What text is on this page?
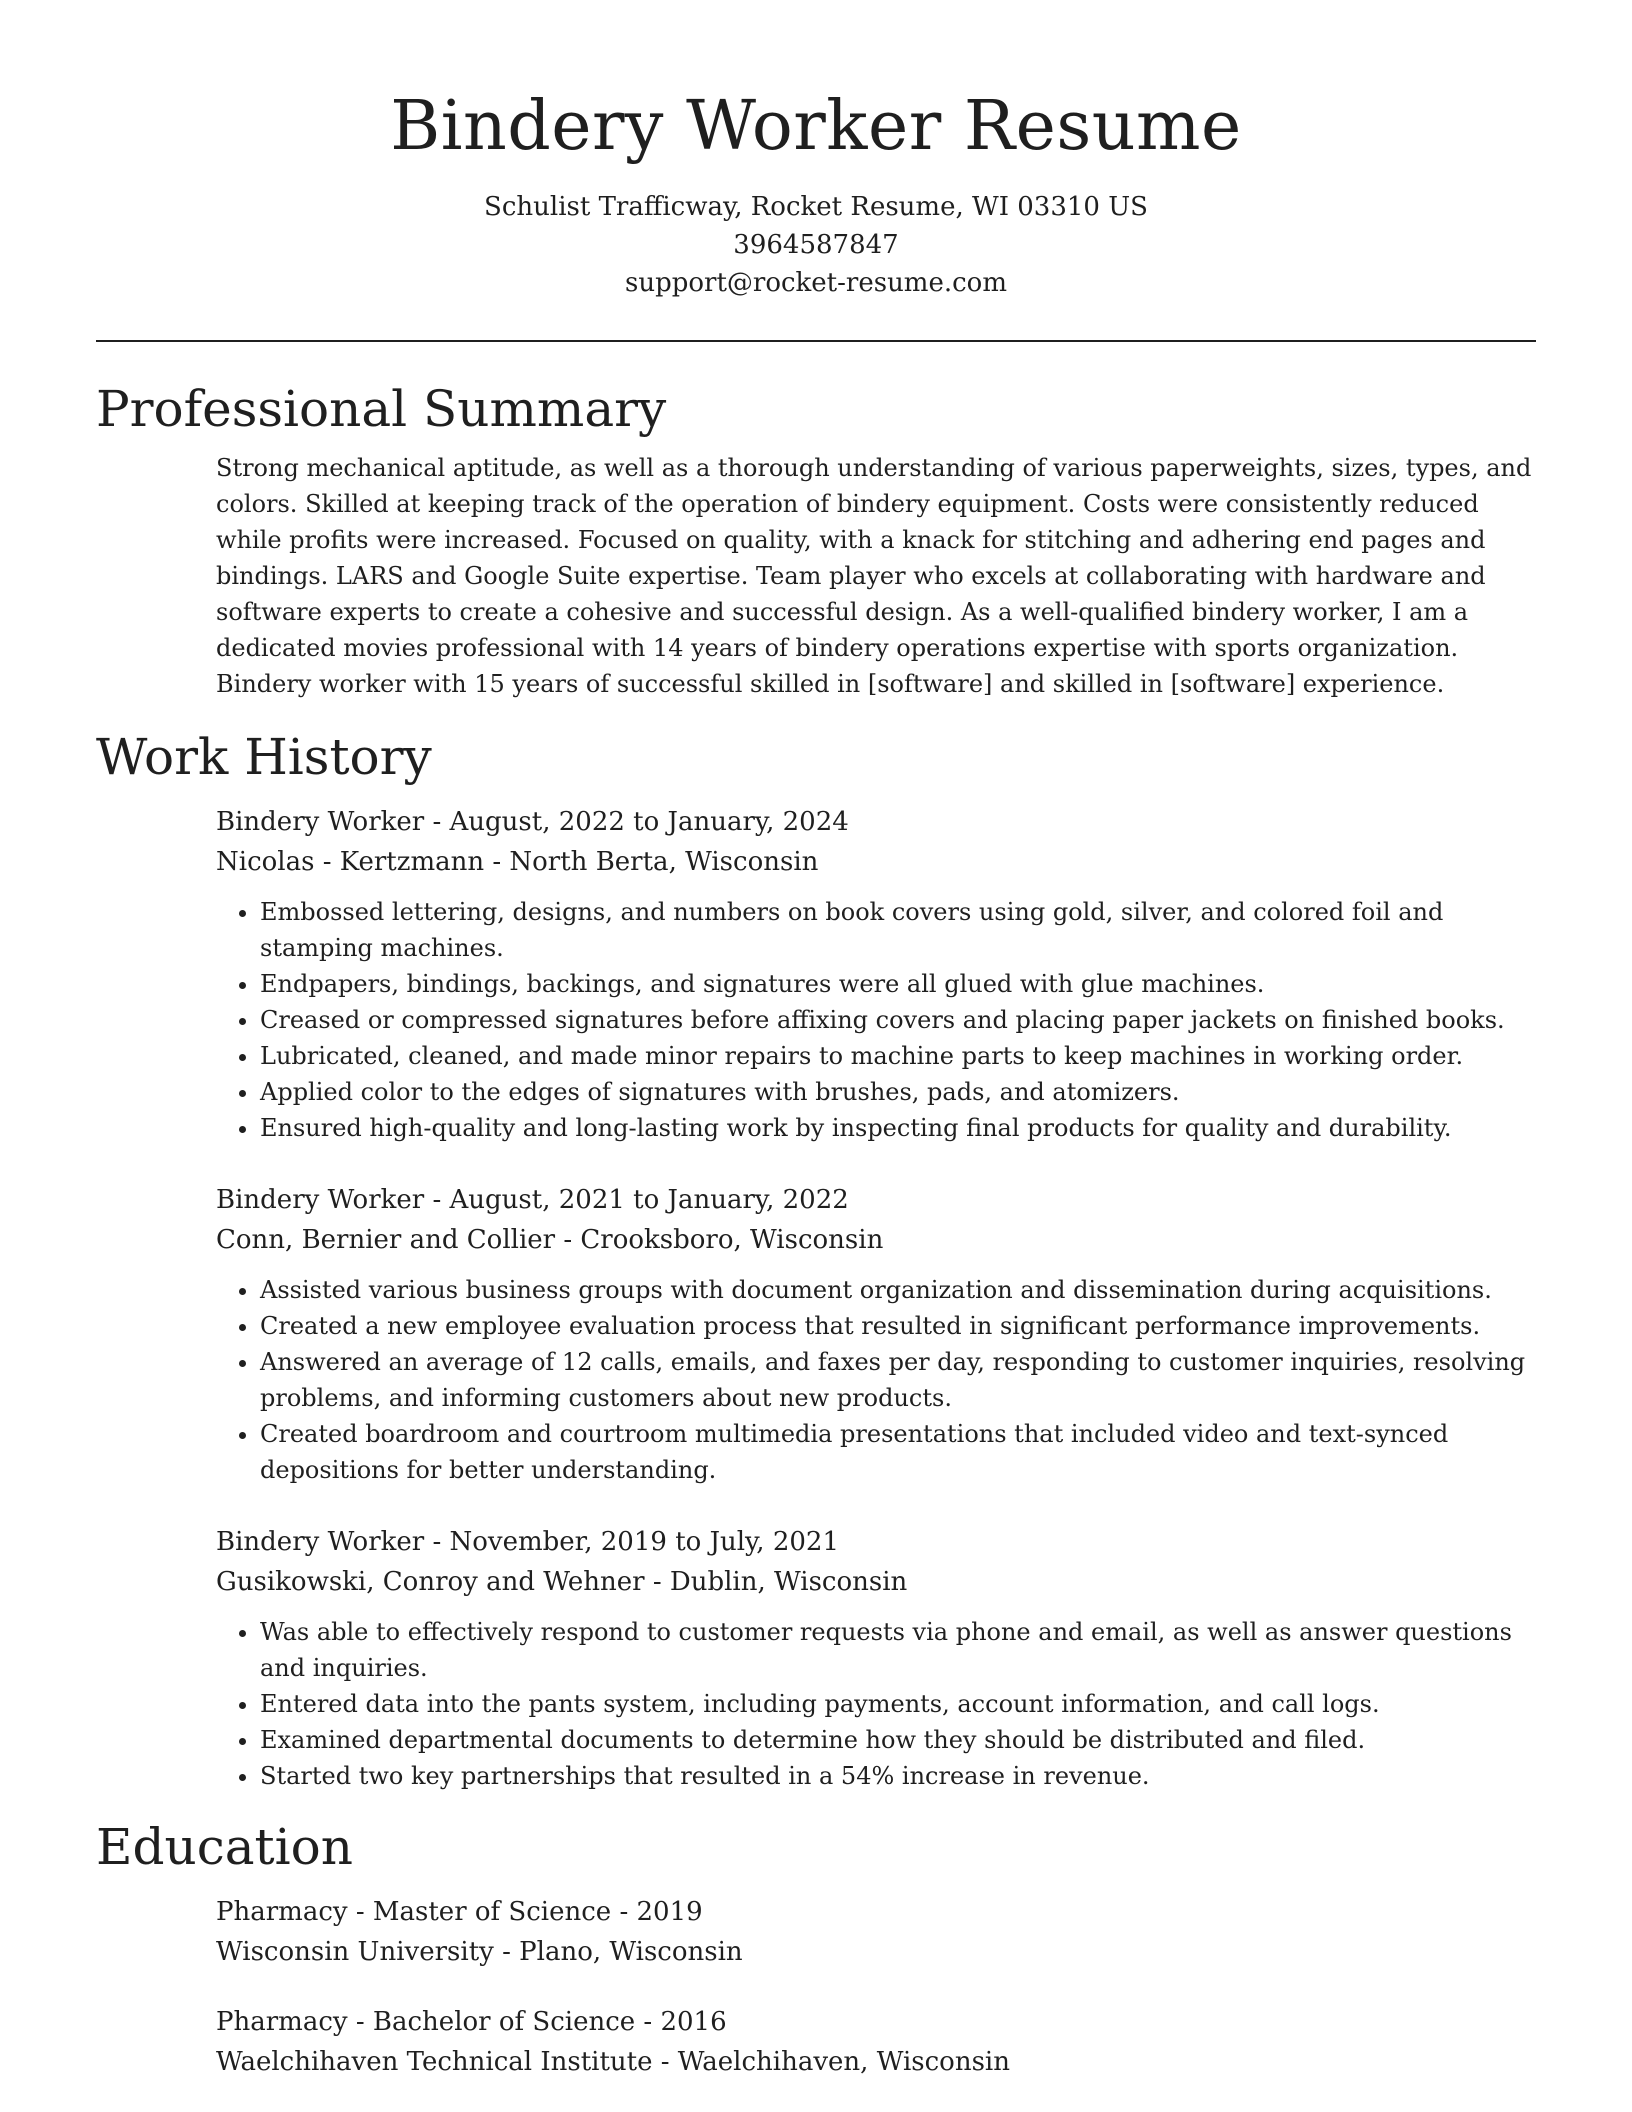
Bindery Worker Resume
Schulist Trafficway, Rocket Resume, WI 03310 US
3964587847
support@rocket-resume.com
Professional Summary

Strong mechanical aptitude, as well as a thorough understanding of various paperweights, sizes, types, and colors. Skilled at keeping track of the operation of bindery equipment. Costs were consistently reduced while profits were increased. Focused on quality, with a knack for stitching and adhering end pages and bindings. LARS and Google Suite expertise. Team player who excels at collaborating with hardware and software experts to create a cohesive and successful design. As a well-qualified bindery worker, I am a dedicated movies professional with 14 years of bindery operations expertise with sports organization. Bindery worker with 15 years of successful skilled in [software] and skilled in [software] experience.

Work History
Bindery Worker - August, 2022 to January, 2024
Nicolas - Kertzmann - North Berta, Wisconsin
• Embossed lettering, designs, and numbers on book covers using gold, silver, and colored foil and stamping machines.
• Endpapers, bindings, backings, and signatures were all glued with glue machines.
• Creased or compressed signatures before affixing covers and placing paper jackets on finished books.
• Lubricated, cleaned, and made minor repairs to machine parts to keep machines in working order.
• Applied color to the edges of signatures with brushes, pads, and atomizers.
• Ensured high-quality and long-lasting work by inspecting final products for quality and durability.
Bindery Worker - August, 2021 to January, 2022
Conn, Bernier and Collier - Crooksboro, Wisconsin
• Assisted various business groups with document organization and dissemination during acquisitions.
• Created a new employee evaluation process that resulted in significant performance improvements.
• Answered an average of 12 calls, emails, and faxes per day, responding to customer inquiries, resolving problems, and informing customers about new products.
• Created boardroom and courtroom multimedia presentations that included video and text-synced depositions for better understanding.
Bindery Worker - November, 2019 to July, 2021
Gusikowski, Conroy and Wehner - Dublin, Wisconsin
• Was able to effectively respond to customer requests via phone and email, as well as answer questions and inquiries.
• Entered data into the pants system, including payments, account information, and call logs.
• Examined departmental documents to determine how they should be distributed and filed.
• Started two key partnerships that resulted in a 54% increase in revenue.
Education
Pharmacy - Master of Science - 2019
Wisconsin University - Plano, Wisconsin
Pharmacy - Bachelor of Science - 2016
Waelchihaven Technical Institute - Waelchihaven, Wisconsin
